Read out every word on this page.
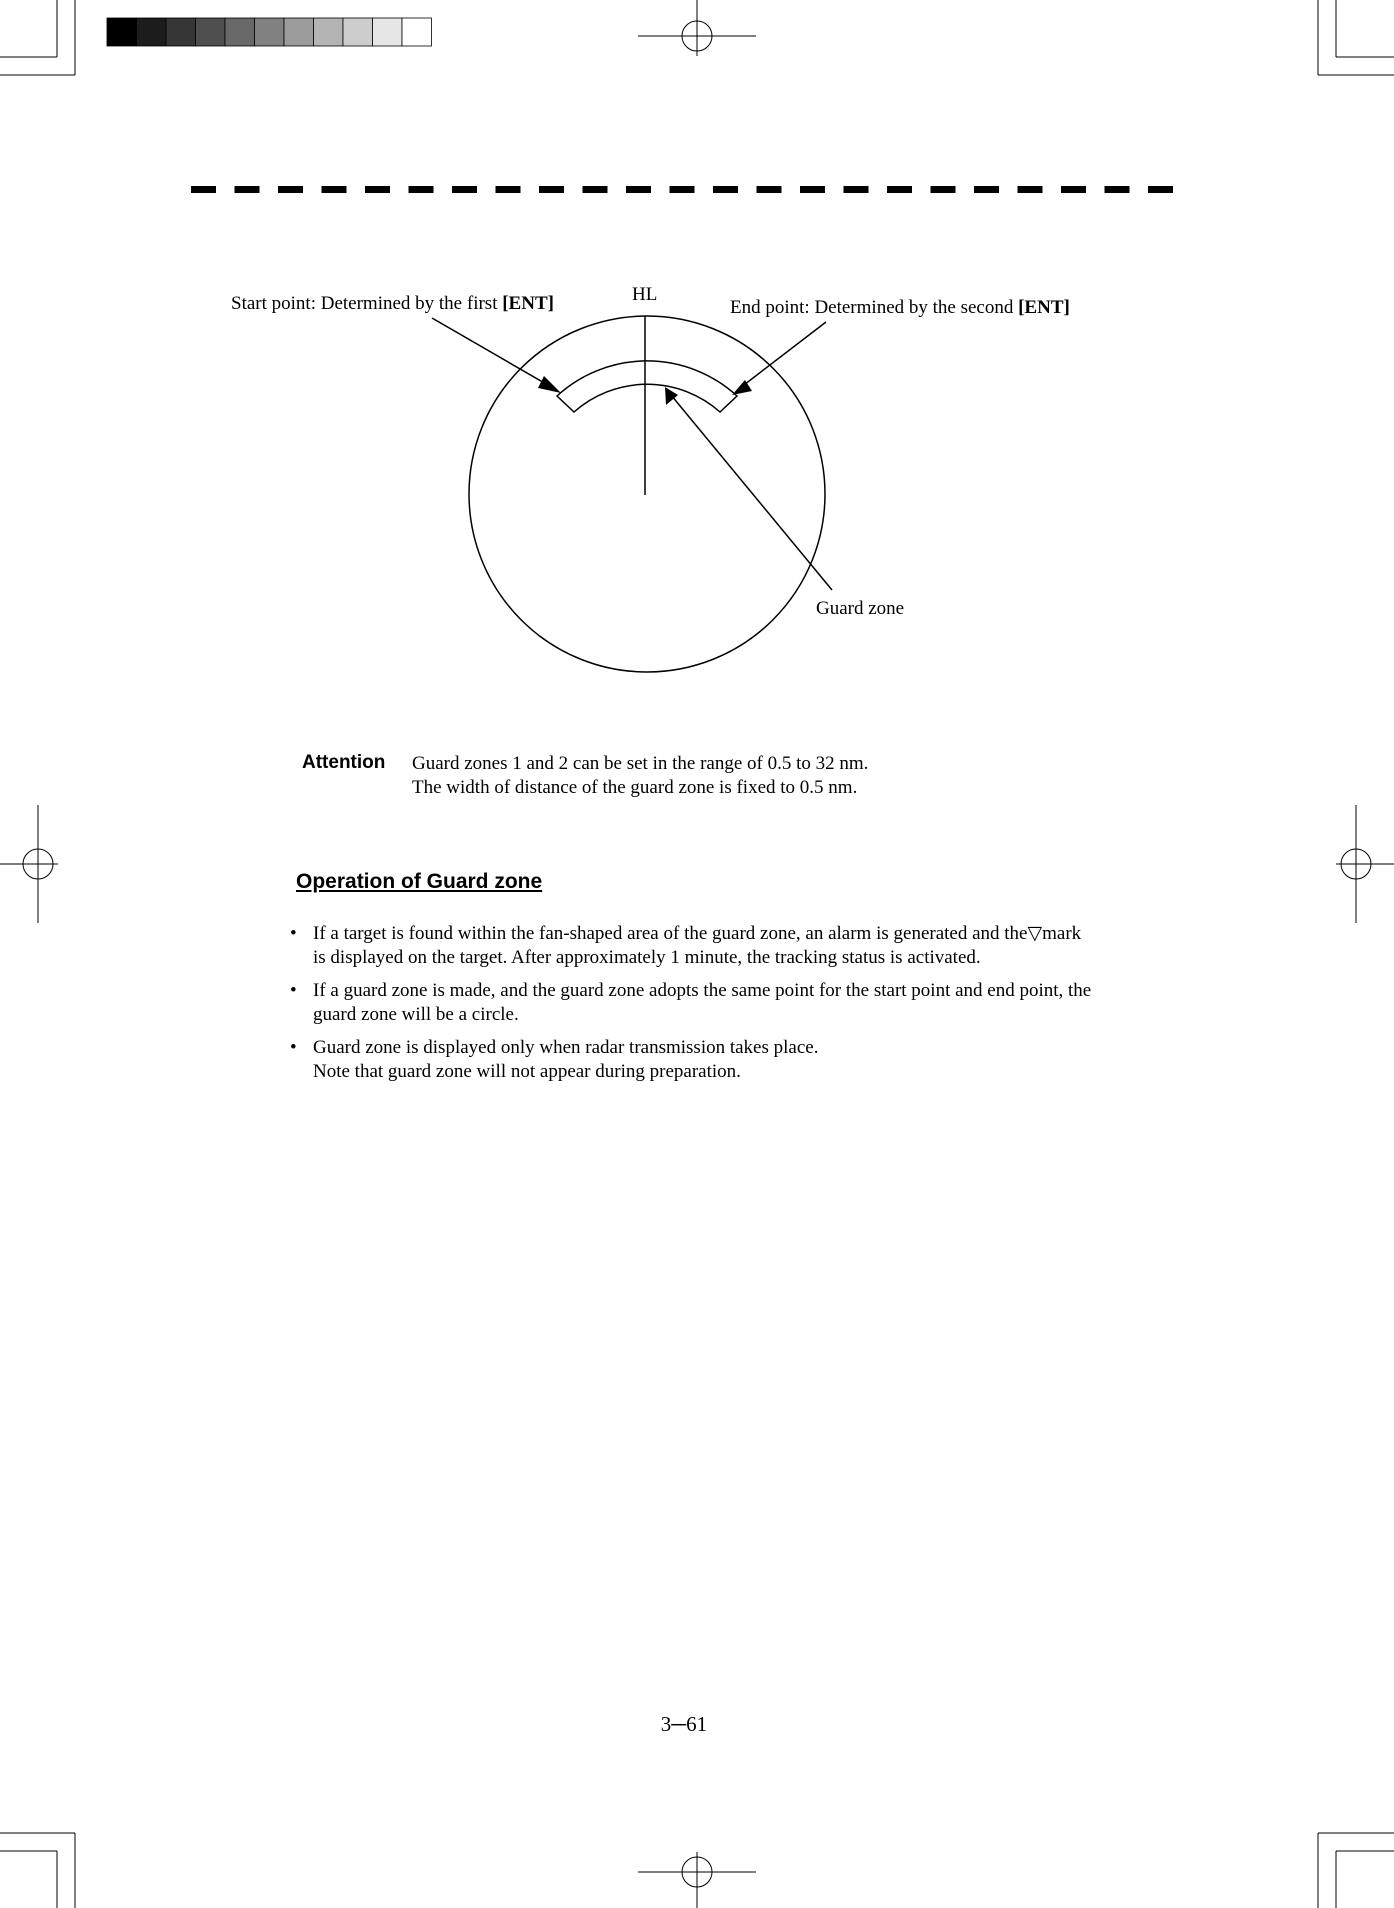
Start point: Determined by the first [ENT]	HL
End point: Determined by the second [ENT]
Guard zone
Attention Guard zones 1 and 2 can be set in the range of 0.5 to 32 nm.
The width of distance of the guard zone is fixed to 0.5 nm.
Operation of Guard zone
• If a target is found within the fan-shaped area of the guard zone, an alarm is generated and the▽mark
is displayed on the target. After approximately 1 minute, the tracking status is activated.
• If a guard zone is made, and the guard zone adopts the same point for the start point and end point, the
guard zone will be a circle.
• Guard zone is displayed only when radar transmission takes place.
Note that guard zone will not appear during preparation.
3─61
